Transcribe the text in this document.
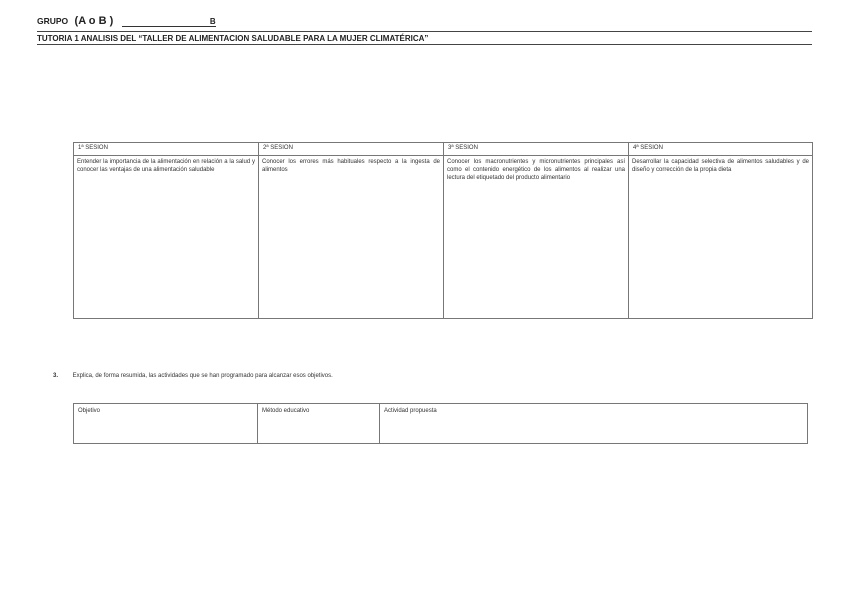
GRUPO (A o B )	B
TUTORIA 1 ANALISIS DEL “TALLER DE ALIMENTACION SALUDABLE PARA LA MUJER CLIMATÉRICA”
1ª SESION	2ª SESION	3ª SESION	4ª SESION
Entender la importancia de la alimentación en relación a la salud y conocer las ventajas de una alimentación saludable	Conocer los errores más habituales respecto a la ingesta de alimentos	Conocer los macronutrientes y micronutrientes principales así como el contenido energético de los alimentos al realizar una lectura del etiquetado del producto alimentario	Desarrollar la capacidad selectiva de alimentos saludables y de diseño y corrección de la propia dieta
3. Explica, de forma resumida, las actividades que se han programado para alcanzar esos objetivos.
Objetivo	Método educativo	Actividad propuesta
